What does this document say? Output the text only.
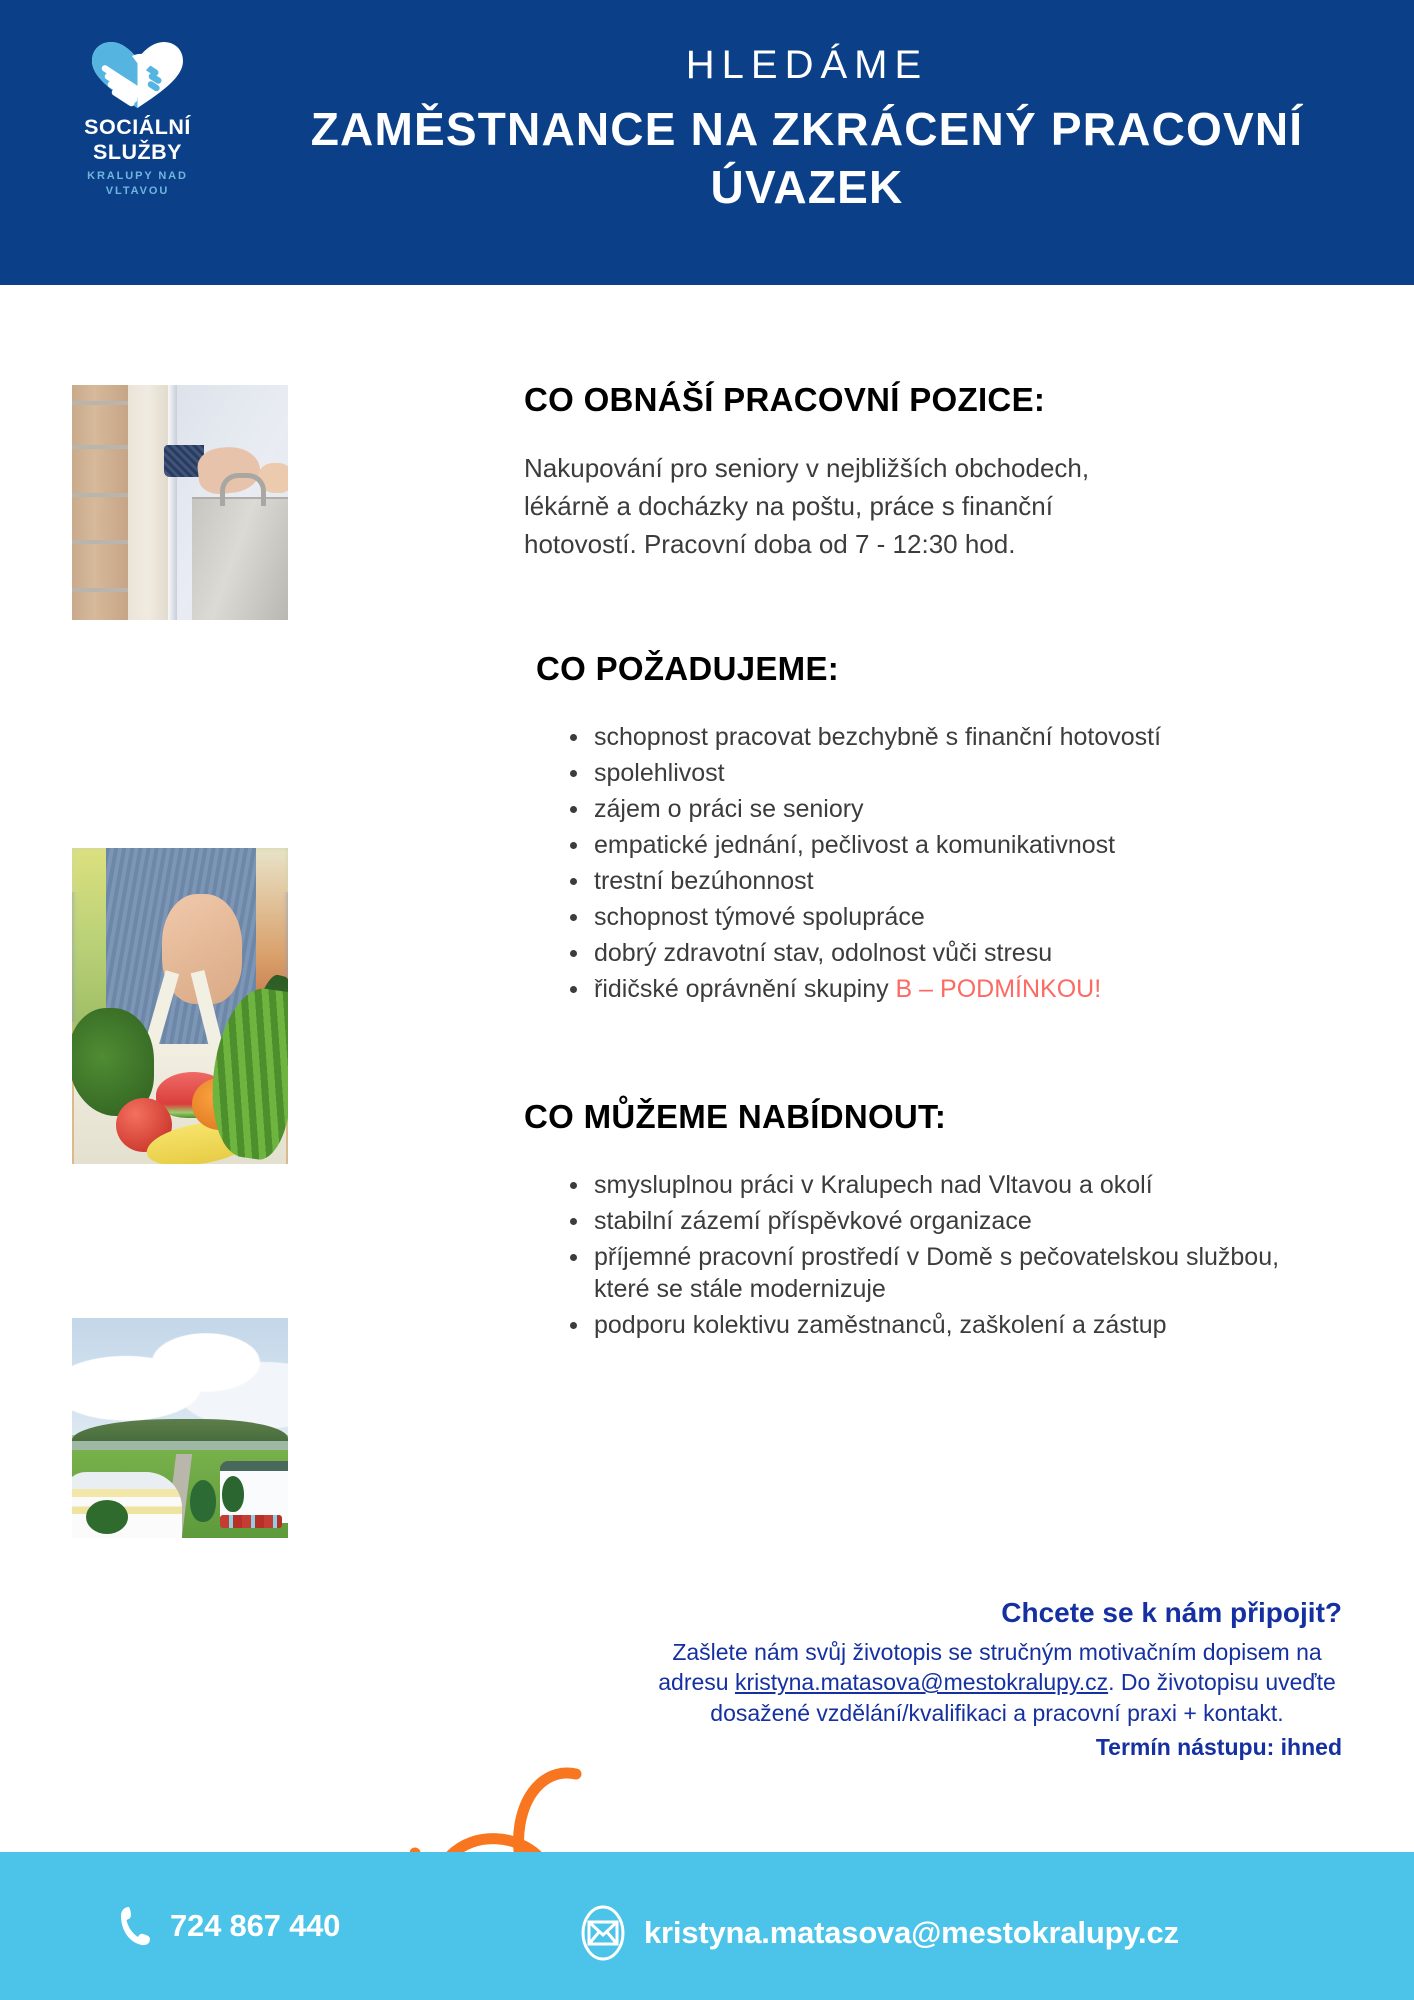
SOCIÁLNÍ
SLUŽBY
KRALUPY NAD VLTAVOU
HLEDÁME
ZAMĚSTNANCE NA ZKRÁCENÝ PRACOVNÍ ÚVAZEK
CO OBNÁŠÍ PRACOVNÍ POZICE:

Nakupování pro seniory v nejbližších obchodech, lékárně a docházky na poštu, práce s finanční hotovostí. Pracovní doba od 7 - 12:30 hod.

CO POŽADUJEME:
schopnost pracovat bezchybně s finanční hotovostí
spolehlivost
zájem o práci se seniory
empatické jednání, pečlivost a komunikativnost
trestní bezúhonnost
schopnost týmové spolupráce
dobrý zdravotní stav, odolnost vůči stresu
řidičské oprávnění skupiny B – PODMÍNKOU!
CO MŮŽEME NABÍDNOUT:
smysluplnou práci v Kralupech nad Vltavou a okolí
stabilní zázemí příspěvkové organizace
příjemné pracovní prostředí v Domě s pečovatelskou službou, které se stále modernizuje
podporu kolektivu zaměstnanců, zaškolení a zástup
Chcete se k nám připojit?
Zašlete nám svůj životopis se stručným motivačním dopisem na adresu kristyna.matasova@mestokralupy.cz. Do životopisu uveďte dosažené vzdělání/kvalifikaci a pracovní praxi + kontakt.
Termín nástupu: ihned
724 867 440	kristyna.matasova@mestokralupy.cz
